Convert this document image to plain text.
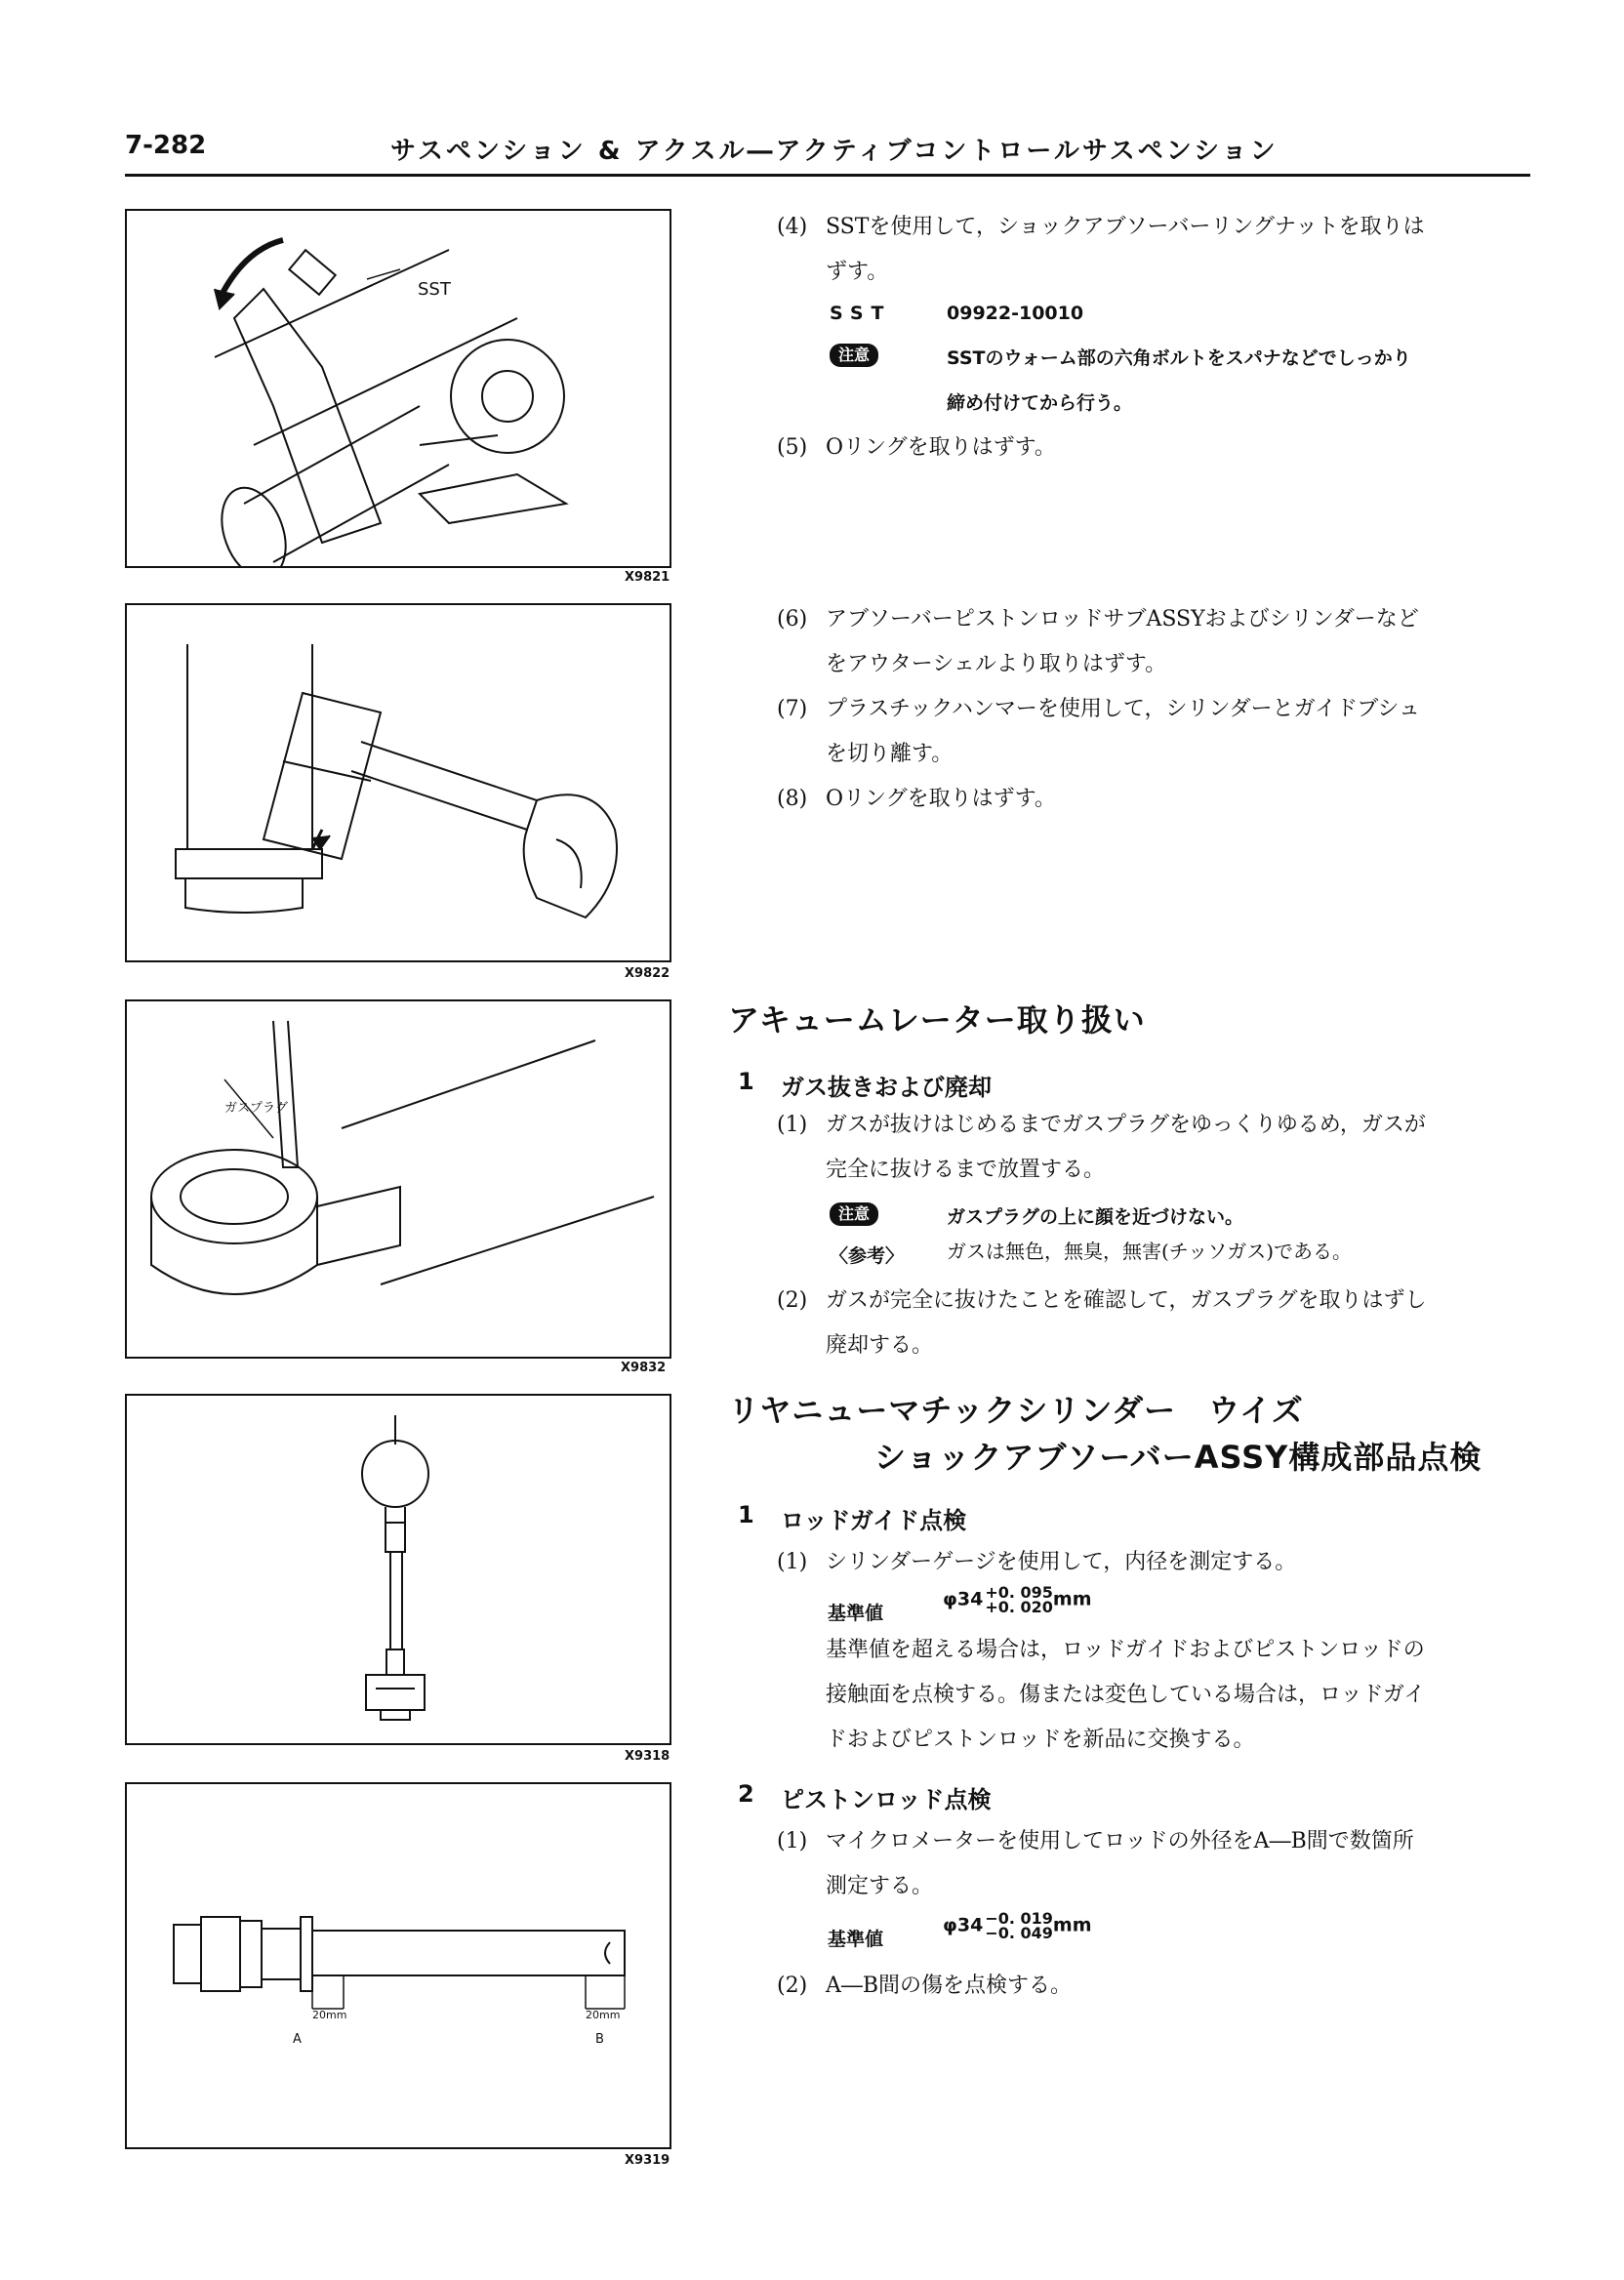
7-282	サスペンション & アクスル―アクティブコントロールサスペンション
SST
X9821
X9822
ガスプラグ
X9832
X9318
20mm	20mm
A	B
X9319
(4) SSTを使用して，ショックアブソーバーリングナットを取りは
ずす。
SST	09922-10010
注意	SSTのウォーム部の六角ボルトをスパナなどでしっかり
締め付けてから行う。
(5) Oリングを取りはずす。
(6) アブソーバーピストンロッドサブASSYおよびシリンダーなど
をアウターシェルより取りはずす。
(7) プラスチックハンマーを使用して，シリンダーとガイドブシュ
を切り離す。
(8) Oリングを取りはずす。
アキュームレーター取り扱い
1 ガス抜きおよび廃却
(1) ガスが抜けはじめるまでガスプラグをゆっくりゆるめ，ガスが
完全に抜けるまで放置する。
注意	ガスプラグの上に顔を近づけない。
〈参考〉 ガスは無色，無臭，無害(チッソガス)である。
(2) ガスが完全に抜けたことを確認して，ガスプラグを取りはずし
廃却する。
リヤニューマチックシリンダー　ウイズ
ショックアブソーバーASSY構成部品点検
1 ロッドガイド点検
(1) シリンダーゲージを使用して，内径を測定する。
基準値
φ34 +0. 095
+0. 020 mm
基準値を超える場合は，ロッドガイドおよびピストンロッドの
接触面を点検する。傷または変色している場合は，ロッドガイ
ドおよびピストンロッドを新品に交換する。
2 ピストンロッド点検
(1) マイクロメーターを使用してロッドの外径をA―B間で数箇所
測定する。
基準値
φ34 −0. 019
−0. 049 mm
(2) A―B間の傷を点検する。
